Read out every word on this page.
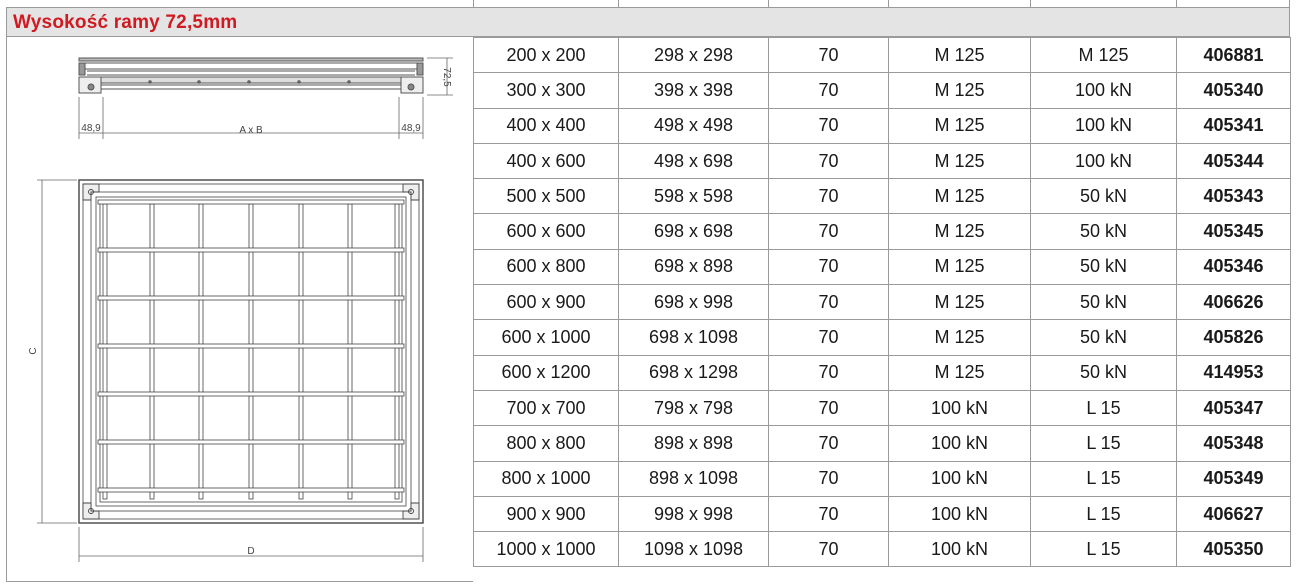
Wysokość ramy 72,5mm
72,5
48,9	A x B	48,9
C
D
200 x 200	298 x 298	70	M 125	M 125	406881
300 x 300	398 x 398	70	M 125	100 kN	405340
400 x 400	498 x 498	70	M 125	100 kN	405341
400 x 600	498 x 698	70	M 125	100 kN	405344
500 x 500	598 x 598	70	M 125	50 kN	405343
600 x 600	698 x 698	70	M 125	50 kN	405345
600 x 800	698 x 898	70	M 125	50 kN	405346
600 x 900	698 x 998	70	M 125	50 kN	406626
600 x 1000	698 x 1098	70	M 125	50 kN	405826
600 x 1200	698 x 1298	70	M 125	50 kN	414953
700 x 700	798 x 798	70	100 kN	L 15	405347
800 x 800	898 x 898	70	100 kN	L 15	405348
800 x 1000	898 x 1098	70	100 kN	L 15	405349
900 x 900	998 x 998	70	100 kN	L 15	406627
1000 x 1000	1098 x 1098	70	100 kN	L 15	405350
